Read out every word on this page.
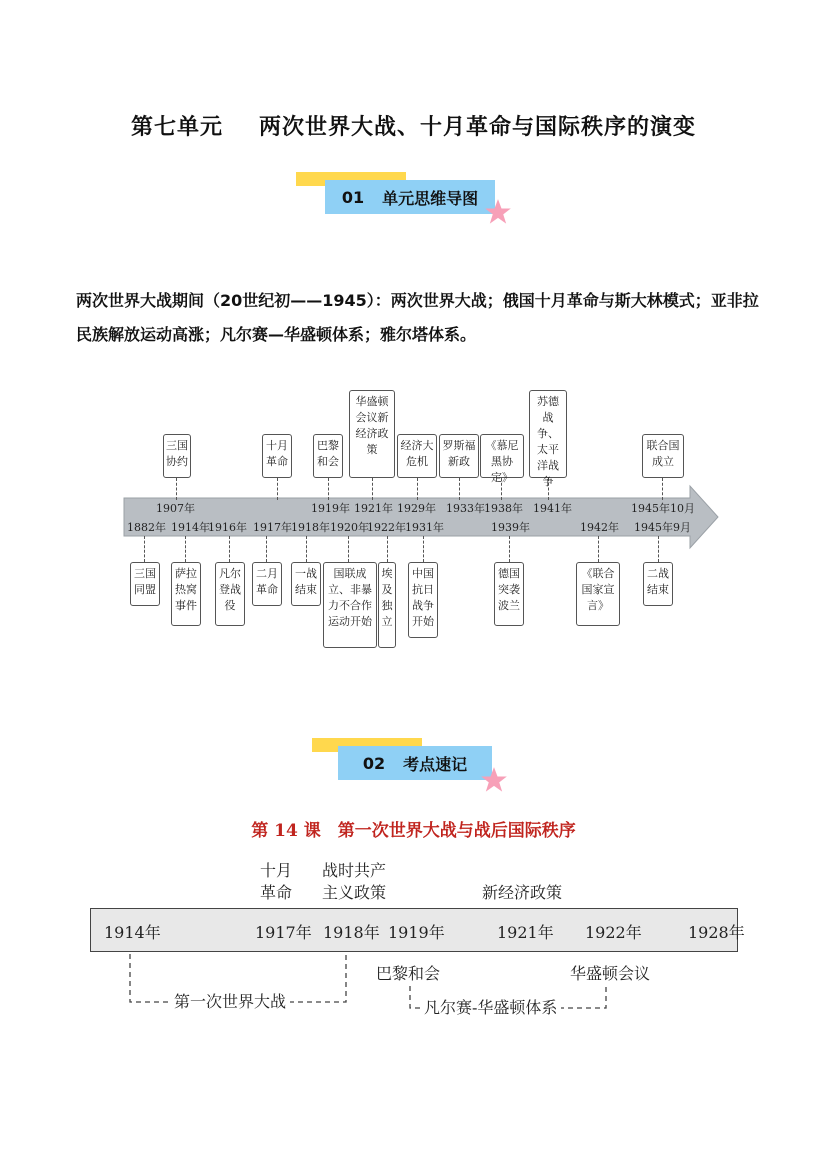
第七单元 两次世界大战、十月革命与国际秩序的演变
01 单元思维导图
两次世界大战期间（20世纪初——1945）：两次世界大战；俄国十月革命与斯大林模式；亚非拉民族解放运动高涨；凡尔赛—华盛顿体系；雅尔塔体系。
三国协约
十月革命
巴黎和会
华盛顿会议新经济政策	经济大危机
罗斯福新政
《慕尼黑协定》
苏德战争、太平洋战争
联合国成立
1907年	1919年 1921年 1929年 1933年 1938年 1941年	1945年10月
1882年 1914年
1916年 1917年 1918年 1920年
1922年 1931年	1939年	1942年 1945年9月
三国同盟
萨拉热窝事件
凡尔登战役
二月革命
一战结束
国联成立、非暴力不合作运动开始
埃及独立
中国抗日战争开始
德国突袭波兰
《联合国家宣言》
二战结束
02 考点速记
第 14 课　第一次世界大战与战后国际秩序
十月革命
战时共产主义政策	新经济政策
1914年	1917年 1918年 1919年	1921年 1922年	1928年
巴黎和会	华盛顿会议
第一次世界大战	凡尔赛-华盛顿体系
